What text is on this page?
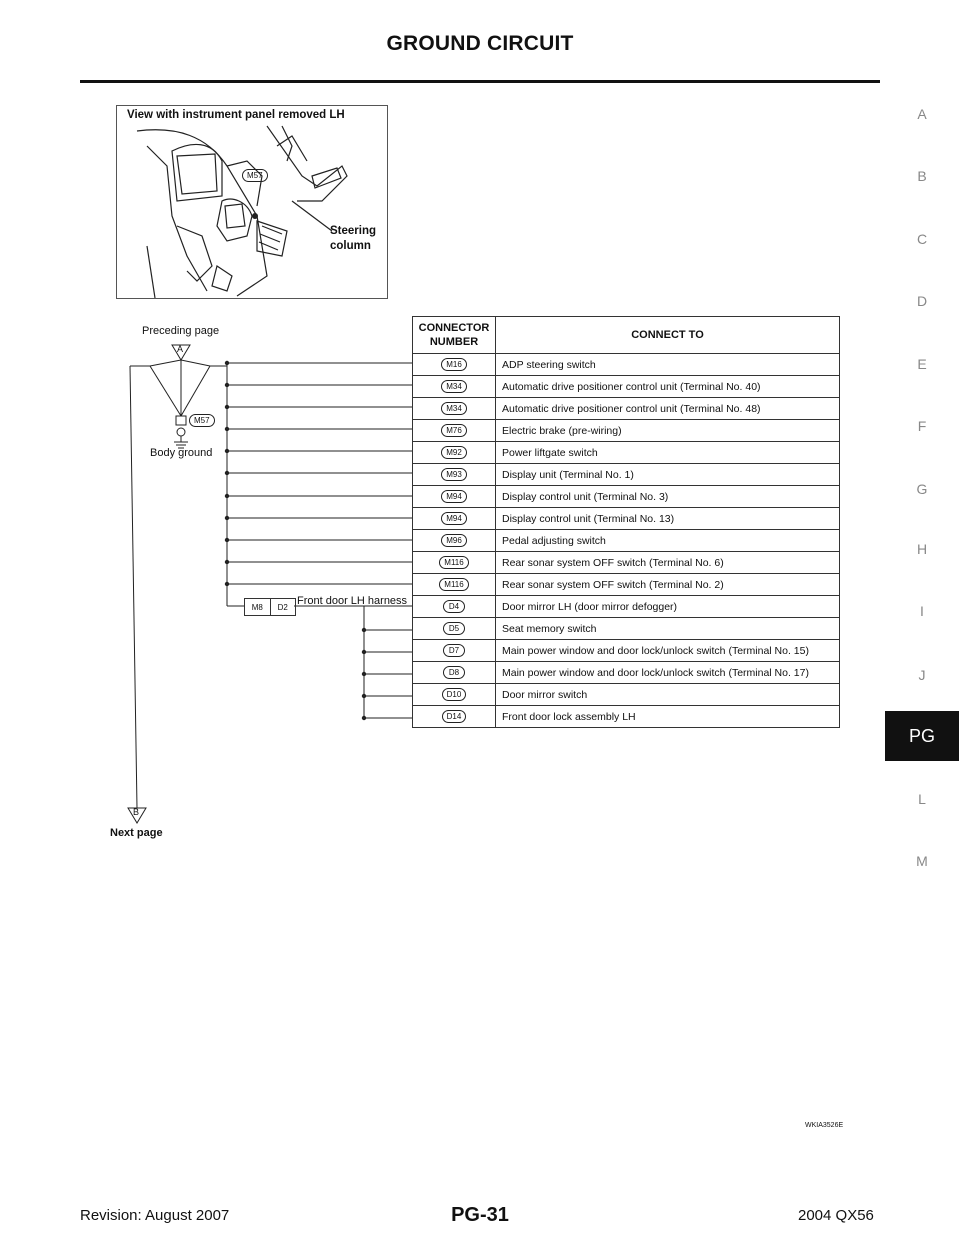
GROUND CIRCUIT
A
B
C
D
E
F
G
H
I
J
PG
L
M
View with instrument panel removed LH
M57
Steering
column
Preceding page
A
M57
Body ground
M8	D2 Front door LH harness
B
Next page
CONNECTOR NUMBER	CONNECT TO
M16	ADP steering switch
M34	Automatic drive positioner control unit (Terminal No. 40)
M34	Automatic drive positioner control unit (Terminal No. 48)
M76	Electric brake (pre-wiring)
M92	Power liftgate switch
M93	Display unit (Terminal No. 1)
M94	Display control unit (Terminal No. 3)
M94	Display control unit (Terminal No. 13)
M96	Pedal adjusting switch
M116	Rear sonar system OFF switch (Terminal No. 6)
M116	Rear sonar system OFF switch (Terminal No. 2)
D4	Door mirror LH (door mirror defogger)
D5	Seat memory switch
D7	Main power window and door lock/unlock switch (Terminal No. 15)
D8	Main power window and door lock/unlock switch (Terminal No. 17)
D10	Door mirror switch
D14	Front door lock assembly LH
WKIA3526E
Revision: August 2007	PG-31	2004 QX56
